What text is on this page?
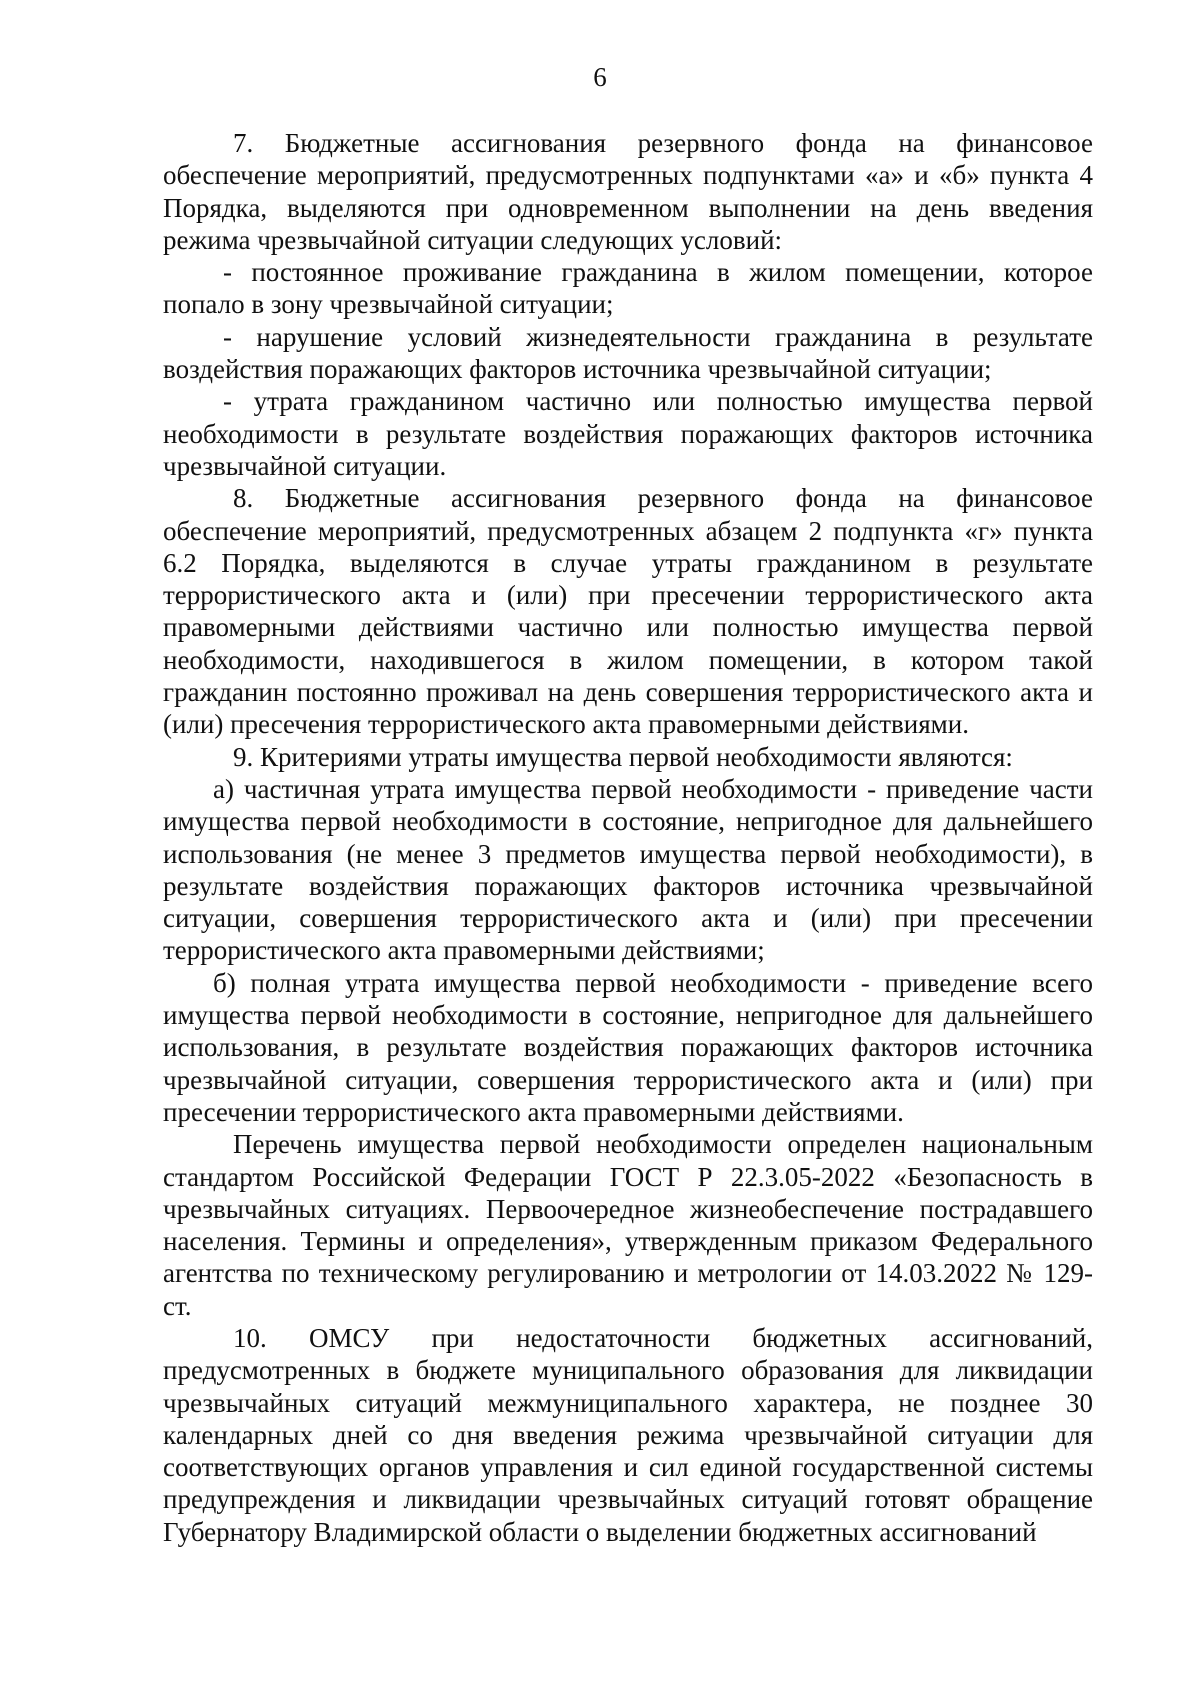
6

7. Бюджетные ассигнования резервного фонда на финансовое обеспечение мероприятий, предусмотренных подпунктами «а» и «б» пункта 4 Порядка, выделяются при одновременном выполнении на день введения режима чрезвычайной ситуации следующих условий:

- постоянное проживание гражданина в жилом помещении, которое попало в зону чрезвычайной ситуации;

- нарушение условий жизнедеятельности гражданина в результате воздействия поражающих факторов источника чрезвычайной ситуации;

- утрата гражданином частично или полностью имущества первой необходимости в результате воздействия поражающих факторов источника чрезвычайной ситуации.

8. Бюджетные ассигнования резервного фонда на финансовое обеспечение мероприятий, предусмотренных абзацем 2 подпункта «г» пункта 6.2 Порядка, выделяются в случае утраты гражданином в результате террористического акта и (или) при пресечении террористического акта правомерными действиями частично или полностью имущества первой необходимости, находившегося в жилом помещении, в котором такой гражданин постоянно проживал на день совершения террористического акта и (или) пресечения террористического акта правомерными действиями.

9. Критериями утраты имущества первой необходимости являются:

а) частичная утрата имущества первой необходимости - приведение части имущества первой необходимости в состояние, непригодное для дальнейшего использования (не менее 3 предметов имущества первой необходимости), в результате воздействия поражающих факторов источника чрезвычайной ситуации, совершения террористического акта и (или) при пресечении террористического акта правомерными действиями;

б) полная утрата имущества первой необходимости - приведение всего имущества первой необходимости в состояние, непригодное для дальнейшего использования, в результате воздействия поражающих факторов источника чрезвычайной ситуации, совершения террористического акта и (или) при пресечении террористического акта правомерными действиями.

Перечень имущества первой необходимости определен национальным стандартом Российской Федерации ГОСТ Р 22.3.05-2022 «Безопасность в чрезвычайных ситуациях. Первоочередное жизнеобеспечение пострадавшего населения. Термины и определения», утвержденным приказом Федерального агентства по техническому регулированию и метрологии от 14.03.2022 № 129-ст.

10. ОМСУ при недостаточности бюджетных ассигнований, предусмотренных в бюджете муниципального образования для ликвидации чрезвычайных ситуаций межмуниципального характера, не позднее 30 календарных дней со дня введения режима чрезвычайной ситуации для соответствующих органов управления и сил единой государственной системы предупреждения и ликвидации чрезвычайных ситуаций готовят обращение Губернатору Владимирской области о выделении бюджетных ассигнований
